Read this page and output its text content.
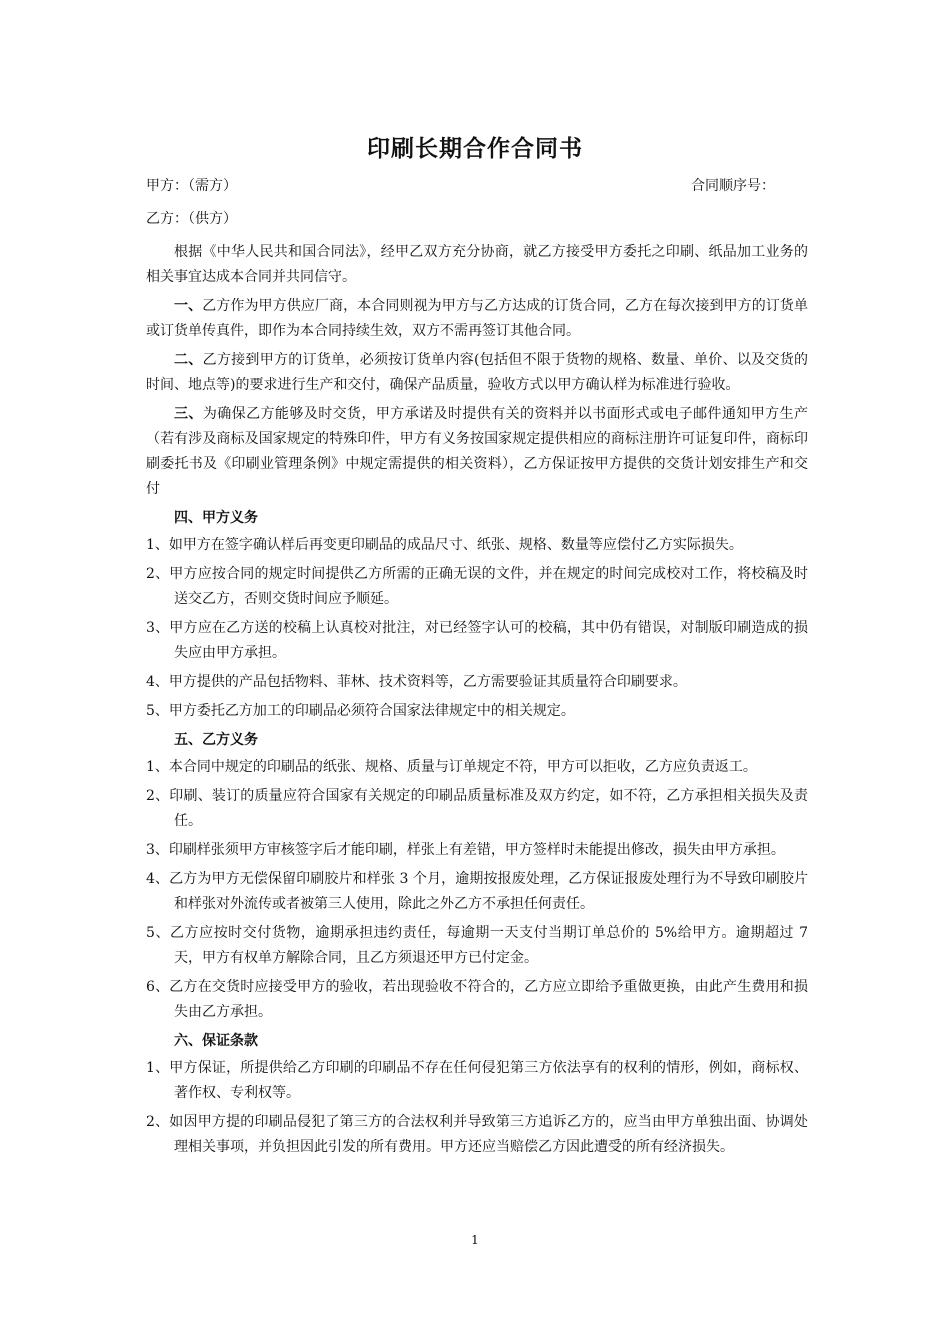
印刷长期合作合同书
甲方：（需方）	合同顺序号：
乙方：（供方）

根据《中华人民共和国合同法》，经甲乙双方充分协商，就乙方接受甲方委托之印刷、纸品加工业务的相关事宜达成本合同并共同信守。

一、乙方作为甲方供应厂商，本合同则视为甲方与乙方达成的订货合同，乙方在每次接到甲方的订货单或订货单传真件，即作为本合同持续生效，双方不需再签订其他合同。

二、乙方接到甲方的订货单，必须按订货单内容(包括但不限于货物的规格、数量、单价、以及交货的时间、地点等)的要求进行生产和交付，确保产品质量，验收方式以甲方确认样为标准进行验收。

三、为确保乙方能够及时交货，甲方承诺及时提供有关的资料并以书面形式或电子邮件通知甲方生产（若有涉及商标及国家规定的特殊印件，甲方有义务按国家规定提供相应的商标注册许可证复印件，商标印刷委托书及《印刷业管理条例》中规定需提供的相关资料），乙方保证按甲方提供的交货计划安排生产和交付

四、甲方义务

1、如甲方在签字确认样后再变更印刷品的成品尺寸、纸张、规格、数量等应偿付乙方实际损失。

2、甲方应按合同的规定时间提供乙方所需的正确无误的文件，并在规定的时间完成校对工作，将校稿及时送交乙方，否则交货时间应予顺延。

3、甲方应在乙方送的校稿上认真校对批注，对已经签字认可的校稿，其中仍有错误，对制版印刷造成的损失应由甲方承担。

4、甲方提供的产品包括物料、菲林、技术资料等，乙方需要验证其质量符合印刷要求。

5、甲方委托乙方加工的印刷品必须符合国家法律规定中的相关规定。

五、乙方义务

1、本合同中规定的印刷品的纸张、规格、质量与订单规定不符，甲方可以拒收，乙方应负责返工。

2、印刷、装订的质量应符合国家有关规定的印刷品质量标准及双方约定，如不符，乙方承担相关损失及责任。

3、印刷样张须甲方审核签字后才能印刷，样张上有差错，甲方签样时未能提出修改，损失由甲方承担。

4、乙方为甲方无偿保留印刷胶片和样张 3 个月，逾期按报废处理，乙方保证报废处理行为不导致印刷胶片和样张对外流传或者被第三人使用，除此之外乙方不承担任何责任。

5、乙方应按时交付货物，逾期承担违约责任，每逾期一天支付当期订单总价的 5%给甲方。逾期超过 7 天，甲方有权单方解除合同，且乙方须退还甲方已付定金。

6、乙方在交货时应接受甲方的验收，若出现验收不符合的，乙方应立即给予重做更换，由此产生费用和损失由乙方承担。

六、保证条款

1、甲方保证，所提供给乙方印刷的印刷品不存在任何侵犯第三方依法享有的权利的情形，例如，商标权、著作权、专利权等。

2、如因甲方提的印刷品侵犯了第三方的合法权利并导致第三方追诉乙方的，应当由甲方单独出面、协调处理相关事项，并负担因此引发的所有费用。甲方还应当赔偿乙方因此遭受的所有经济损失。

1
